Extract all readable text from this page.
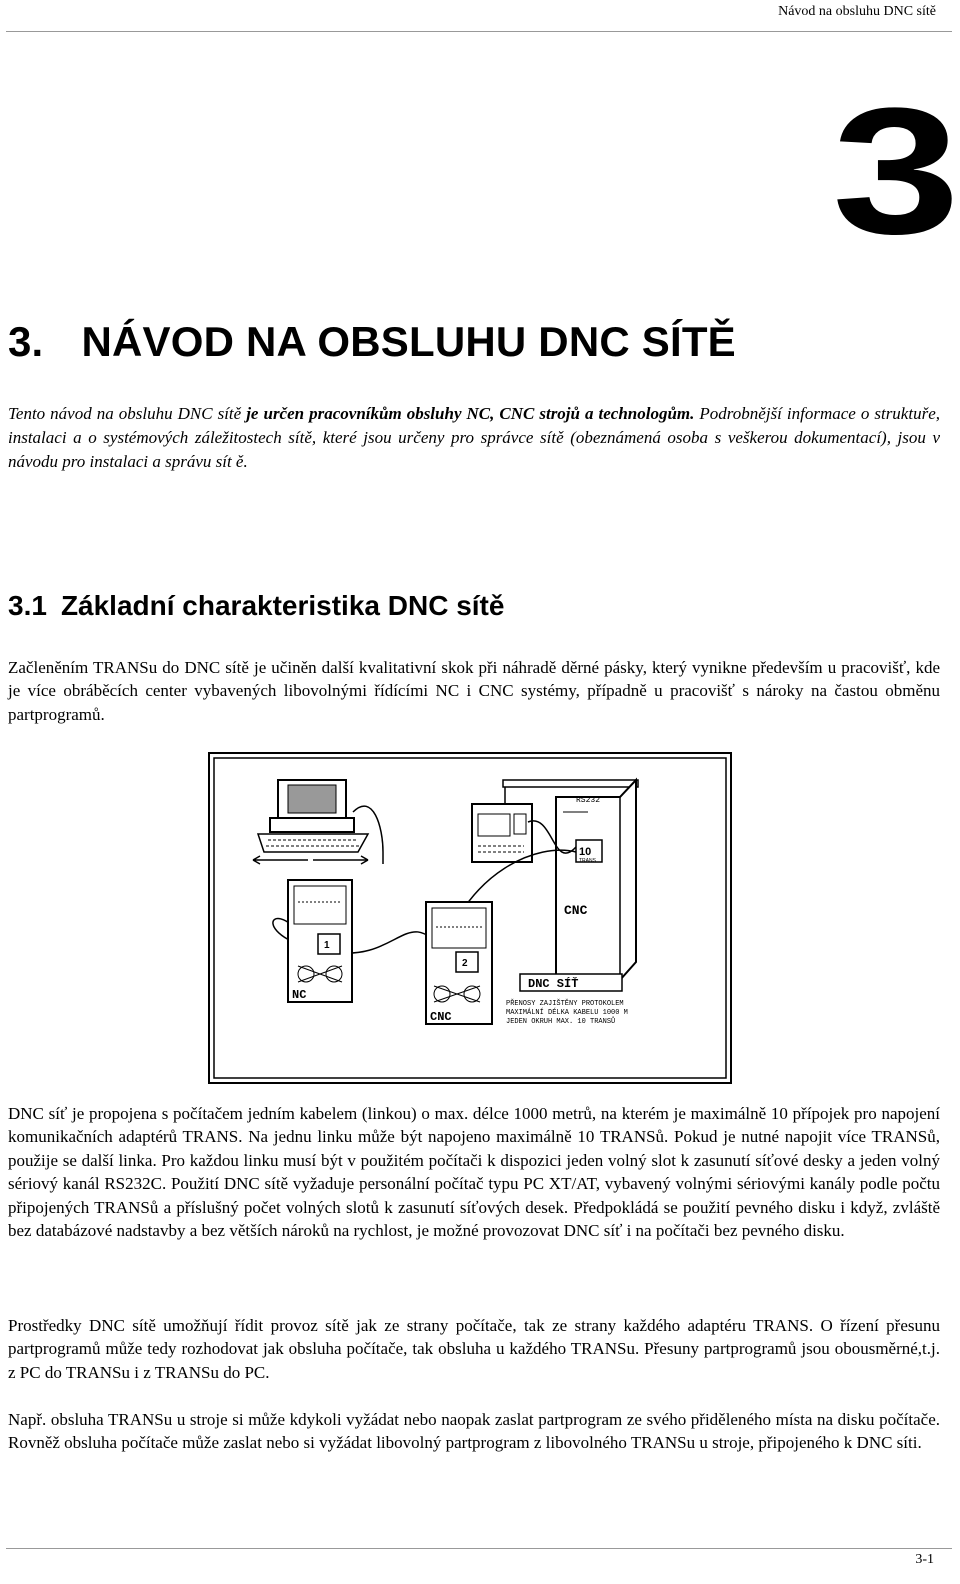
Návod na obsluhu DNC sítě
3
3. NÁVOD NA OBSLUHU DNC SÍTĚ
Tento návod na obsluhu DNC sítě je určen pracovníkům obsluhy NC, CNC strojů a technologům. Podrobnější informace o struktuře, instalaci a o systémových záležitostech sítě, které jsou určeny pro správce sítě (obeznámená osoba s veškerou dokumentací), jsou v návodu pro instalaci a správu sít ě.
3.1 Základní charakteristika DNC sítě
Začleněním TRANSu do DNC sítě je učiněn další kvalitativní skok při náhradě děrné pásky, který vynikne především u pracovišť, kde je více obráběcích center vybavených libovolnými řídícími NC i CNC systémy, případně u pracovišť s nároky na častou obměnu partprogramů.
RS232
10
TRANS
CNC
1
NC
2
CNC
DNC SÍŤ
PŘENOSY ZAJIŠTĚNY PROTOKOLEM
MAXIMÁLNÍ DÉLKA KABELU 1000 M
JEDEN OKRUH MAX. 10 TRANSŮ
DNC síť je propojena s počítačem jedním kabelem (linkou) o max. délce 1000 metrů, na kterém je maximálně 10 přípojek pro napojení komunikačních adaptérů TRANS. Na jednu linku může být napojeno maximálně 10 TRANSů. Pokud je nutné napojit více TRANSů, použije se další linka. Pro každou linku musí být v použitém počítači k dispozici jeden volný slot k zasunutí síťové desky a jeden volný sériový kanál RS232C. Použití DNC sítě vyžaduje personální počítač typu PC XT/AT, vybavený volnými sériovými kanály podle počtu připojených TRANSů a příslušný počet volných slotů k zasunutí síťových desek. Předpokládá se použití pevného disku i když, zvláště bez databázové nadstavby a bez větších nároků na rychlost, je možné provozovat DNC síť i na počítači bez pevného disku.
Prostředky DNC sítě umožňují řídit provoz sítě jak ze strany počítače, tak ze strany každého adaptéru TRANS. O řízení přesunu partprogramů může tedy rozhodovat jak obsluha počítače, tak obsluha u každého TRANSu. Přesuny partprogramů jsou obousměrné,t.j. z PC do TRANSu i z TRANSu do PC.
Např. obsluha TRANSu u stroje si může kdykoli vyžádat nebo naopak zaslat partprogram ze svého přiděleného místa na disku počítače. Rovněž obsluha počítače může zaslat nebo si vyžádat libovolný partprogram z libovolného TRANSu u stroje, připojeného k DNC síti.
3-1
